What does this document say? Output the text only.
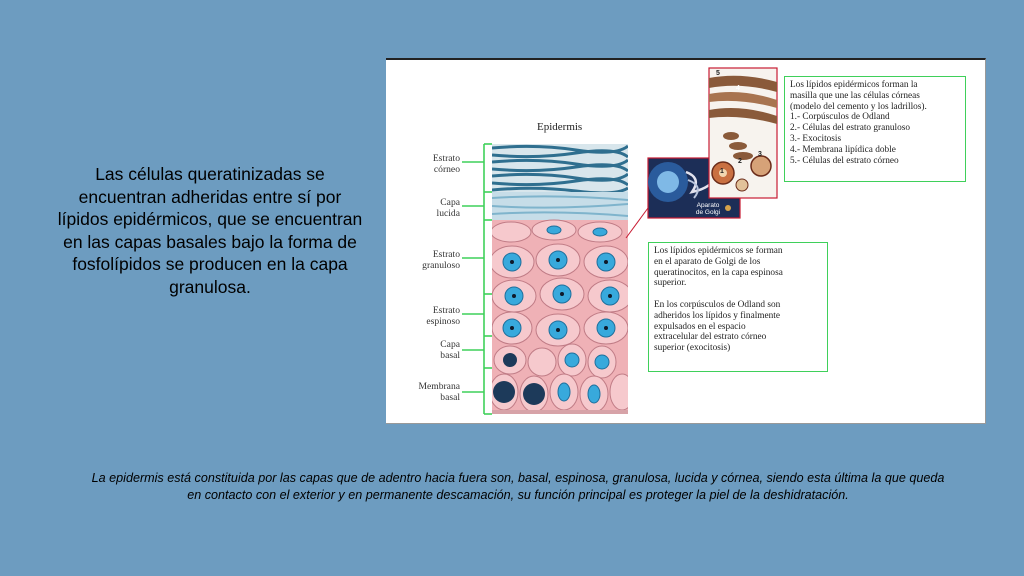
Las células queratinizadas se encuentran adheridas entre sí por lípidos epidérmicos, que se encuentran en las capas basales bajo la forma de fosfolípidos se producen en la capa granulosa.
Epidermis
Estrato
córneo
Capa
lucida
Estrato
granuloso
Estrato
espinoso
Capa
basal
Membrana
basal
Aparato
de Golgi
5
4
1
2
3
Los lípidos epidérmicos forman la
masilla que une las células córneas
(modelo del cemento y los ladrillos).
1.- Corpúsculos de Odland
2.- Células del estrato granuloso
3.- Exocitosis
4.- Membrana lipídica doble
5.- Células del estrato córneo
Los lípidos epidérmicos se forman
en el aparato de Golgi de los
queratinocitos, en la capa espinosa
superior.

En los corpúsculos de Odland son
adheridos los lípidos y finalmente
expulsados en el espacio
extracelular del estrato córneo
superior (exocitosis)
La epidermis está constituida por las capas que de adentro hacia fuera son, basal, espinosa, granulosa, lucida y córnea, siendo esta última la que queda en contacto con el exterior y en permanente descamación, su función principal es proteger la piel de la deshidratación.
